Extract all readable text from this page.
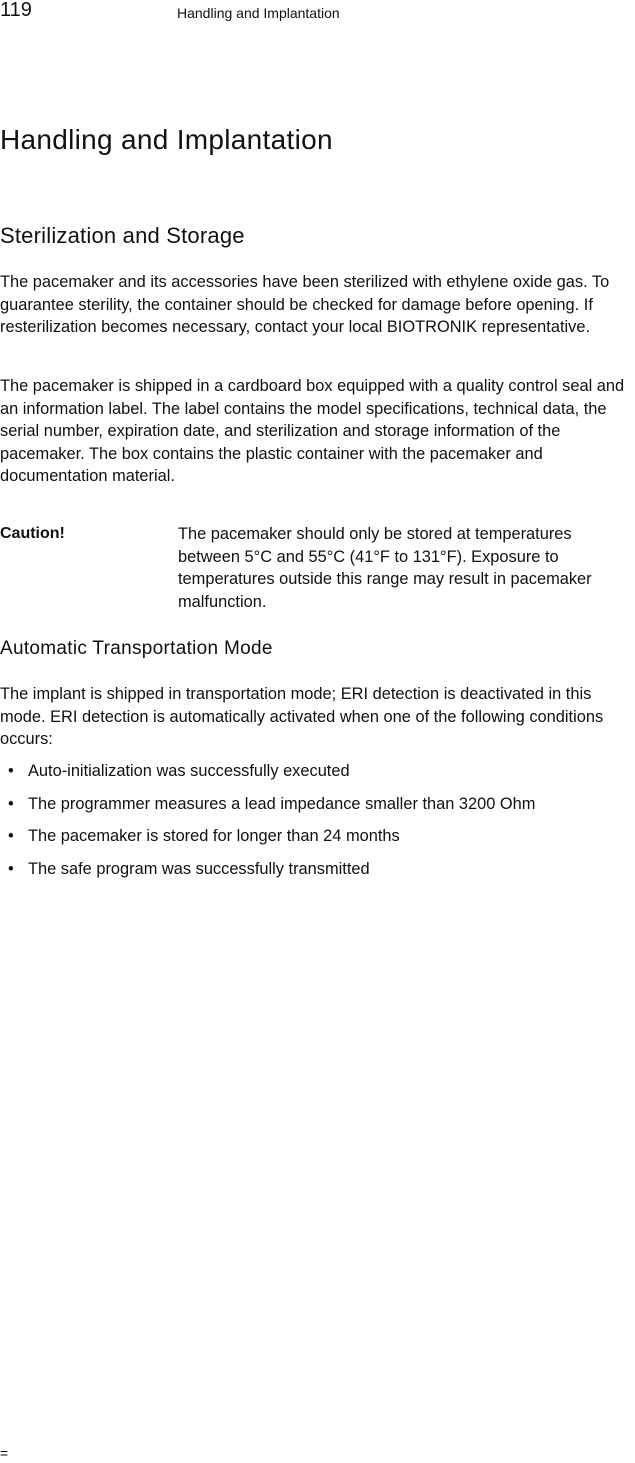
119	Handling and Implantation
Handling and Implantation
Sterilization and Storage

The pacemaker and its accessories have been sterilized with ethylene oxide gas. To guarantee sterility, the container should be checked for damage before opening. If resterilization becomes necessary, contact your local BIOTRONIK representative.

The pacemaker is shipped in a cardboard box equipped with a quality control seal and an information label. The label contains the model specifications, technical data, the serial number, expiration date, and sterilization and storage information of the pacemaker. The box contains the plastic container with the pacemaker and documentation material.

Caution!	The pacemaker should only be stored at temperatures between 5°C and 55°C (41°F to 131°F). Exposure to temperatures outside this range may result in pacemaker malfunction.

Automatic Transportation Mode

The implant is shipped in transportation mode; ERI detection is deactivated in this mode. ERI detection is automatically activated when one of the following conditions occurs:

• Auto-initialization was successfully executed
• The programmer measures a lead impedance smaller than 3200 Ohm
• The pacemaker is stored for longer than 24 months
• The safe program was successfully transmitted
=
